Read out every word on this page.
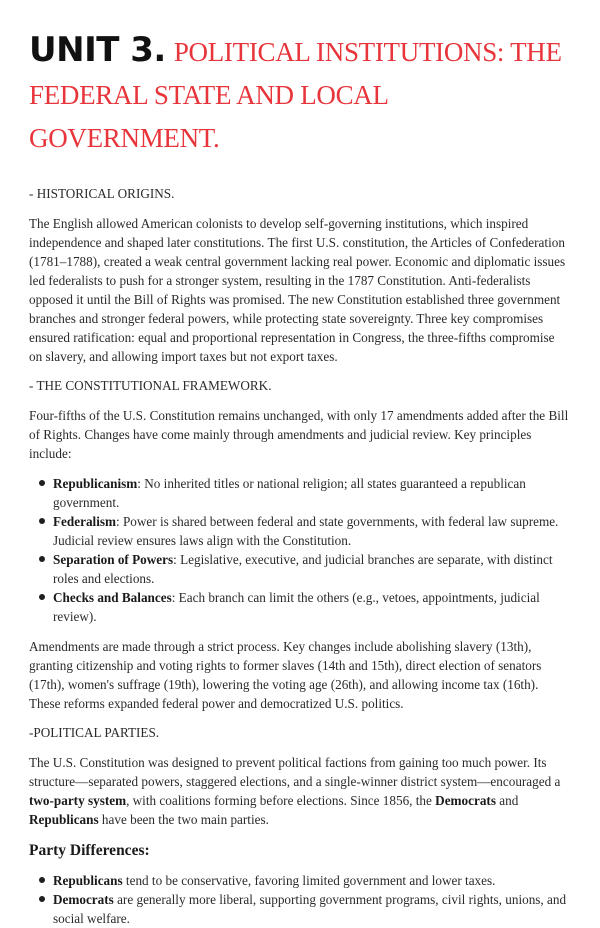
UNIT 3. POLITICAL INSTITUTIONS: THE FEDERAL STATE AND LOCAL GOVERNMENT.
- HISTORICAL ORIGINS.

The English allowed American colonists to develop self-governing institutions, which inspired independence and shaped later constitutions. The first U.S. constitution, the Articles of Confederation (1781–1788), created a weak central government lacking real power. Economic and diplomatic issues led federalists to push for a stronger system, resulting in the 1787 Constitution. Anti-federalists opposed it until the Bill of Rights was promised. The new Constitution established three government branches and stronger federal powers, while protecting state sovereignty. Three key compromises ensured ratification: equal and proportional representation in Congress, the three-fifths compromise on slavery, and allowing import taxes but not export taxes.

- THE CONSTITUTIONAL FRAMEWORK.

Four-fifths of the U.S. Constitution remains unchanged, with only 17 amendments added after the Bill of Rights. Changes have come mainly through amendments and judicial review. Key principles include:

Republicanism: No inherited titles or national religion; all states guaranteed a republican government.
Federalism: Power is shared between federal and state governments, with federal law supreme. Judicial review ensures laws align with the Constitution.
Separation of Powers: Legislative, executive, and judicial branches are separate, with distinct roles and elections.
Checks and Balances: Each branch can limit the others (e.g., vetoes, appointments, judicial review).

Amendments are made through a strict process. Key changes include abolishing slavery (13th), granting citizenship and voting rights to former slaves (14th and 15th), direct election of senators (17th), women's suffrage (19th), lowering the voting age (26th), and allowing income tax (16th). These reforms expanded federal power and democratized U.S. politics.

-POLITICAL PARTIES.

The U.S. Constitution was designed to prevent political factions from gaining too much power. Its structure—separated powers, staggered elections, and a single-winner district system—encouraged a two-party system, with coalitions forming before elections. Since 1856, the Democrats and Republicans have been the two main parties.

Party Differences:
Republicans tend to be conservative, favoring limited government and lower taxes.
Democrats are generally more liberal, supporting government programs, civil rights, unions, and social welfare.
